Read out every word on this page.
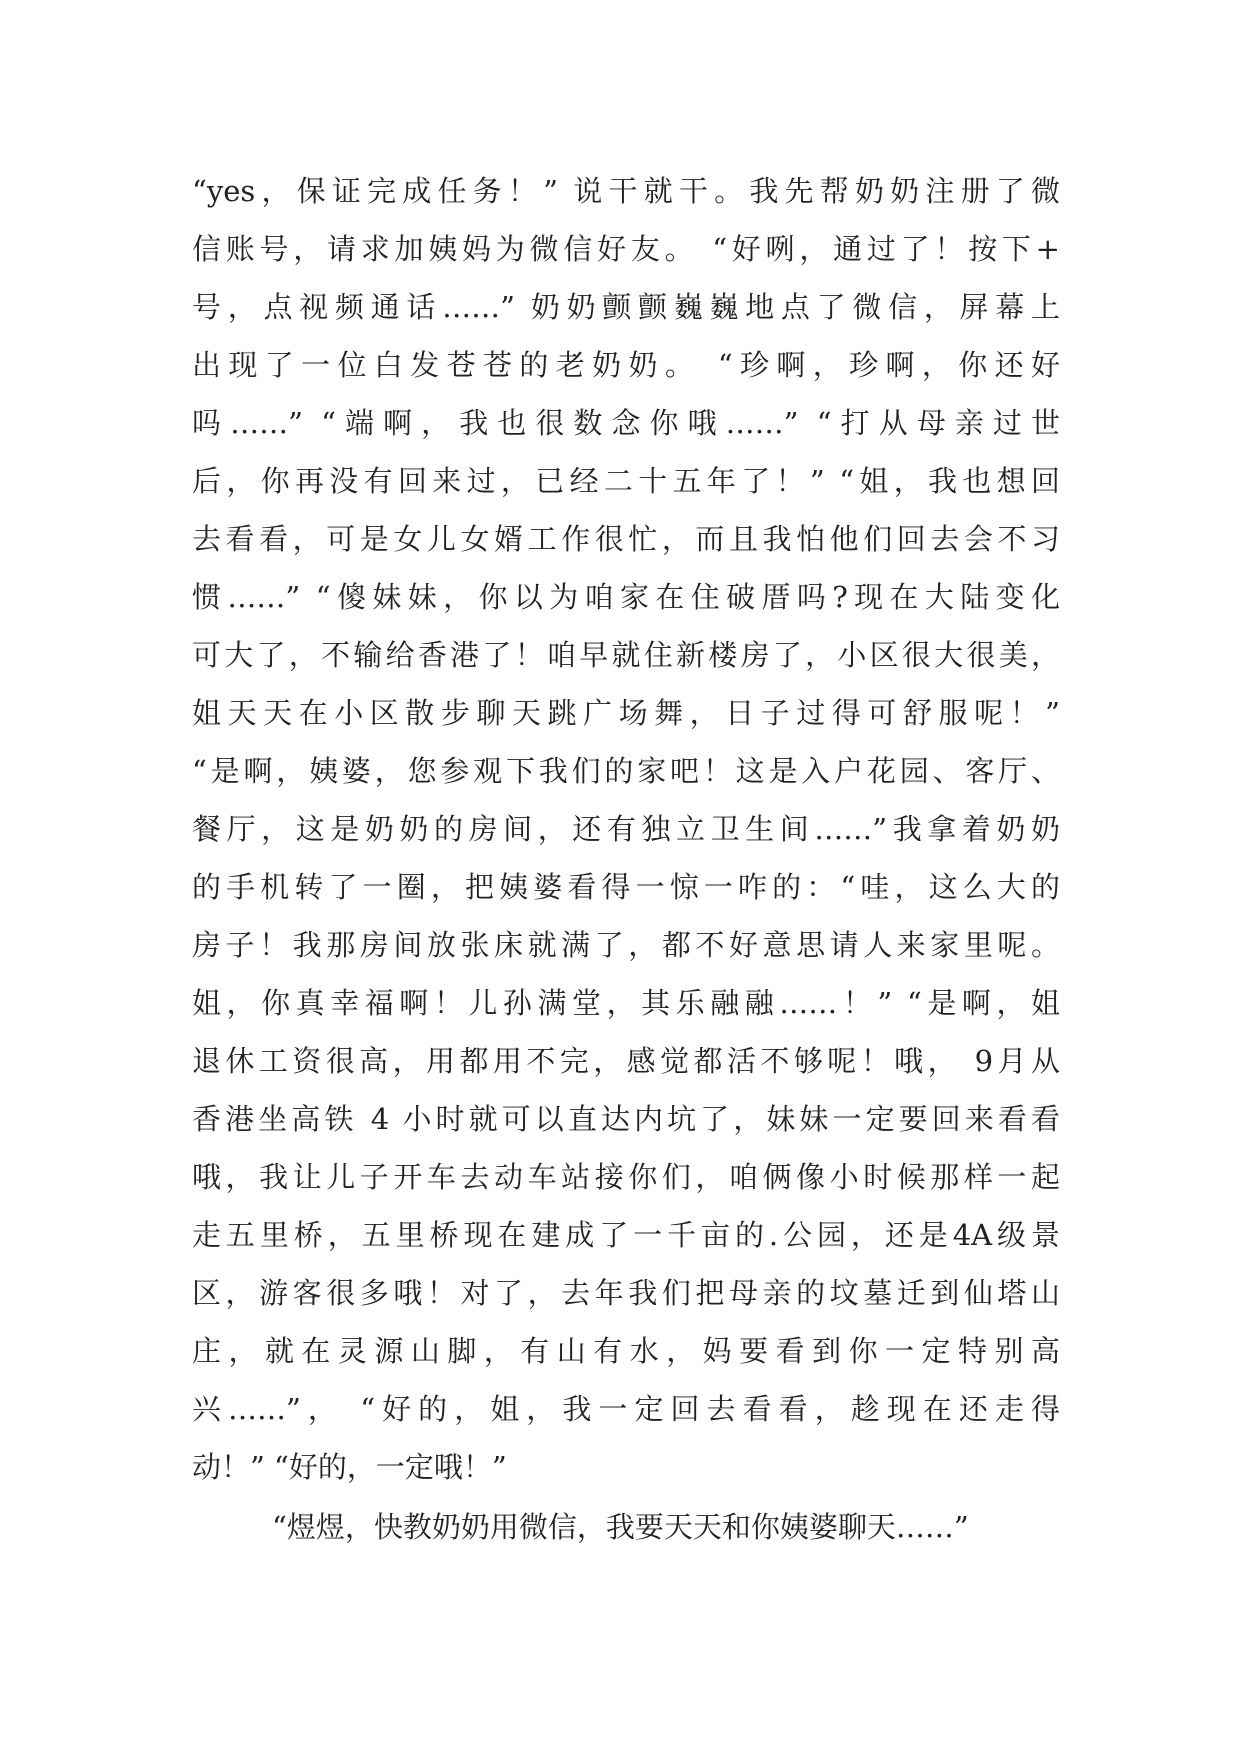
“yes，保证完成任务！” 说干就干。我先帮奶奶注册了微
信账号，请求加姨妈为微信好友。 “好咧，通过了！按下+
号，点视频通话……” 奶奶颤颤巍巍地点了微信，屏幕上
出现了一位白发苍苍的老奶奶。 “珍啊，珍啊，你还好
吗……” “端啊，我也很数念你哦……” “打从母亲过世
后，你再没有回来过，已经二十五年了！” “姐，我也想回
去看看，可是女儿女婿工作很忙，而且我怕他们回去会不习
惯……” “傻妹妹，你以为咱家在住破厝吗?现在大陆变化
可大了，不输给香港了！咱早就住新楼房了，小区很大很美，
姐天天在小区散步聊天跳广场舞，日子过得可舒服呢！”
“是啊，姨婆，您参观下我们的家吧！这是入户花园、客厅、
餐厅，这是奶奶的房间，还有独立卫生间……”我拿着奶奶
的手机转了一圈，把姨婆看得一惊一咋的：“哇，这么大的
房子！我那房间放张床就满了，都不好意思请人来家里呢。
姐，你真幸福啊！儿孙满堂，其乐融融……！” “是啊，姐
退休工资很高，用都用不完，感觉都活不够呢！哦， 9月从
香港坐高铁 4 小时就可以直达内坑了，妹妹一定要回来看看
哦，我让儿子开车去动车站接你们，咱俩像小时候那样一起
走五里桥，五里桥现在建成了一千亩的.公园，还是4A级景
区，游客很多哦！对了，去年我们把母亲的坟墓迁到仙塔山
庄，就在灵源山脚，有山有水，妈要看到你一定特别高
兴……”， “好的，姐，我一定回去看看，趁现在还走得
动！” “好的，一定哦！”
“煜煜，快教奶奶用微信，我要天天和你姨婆聊天……”
